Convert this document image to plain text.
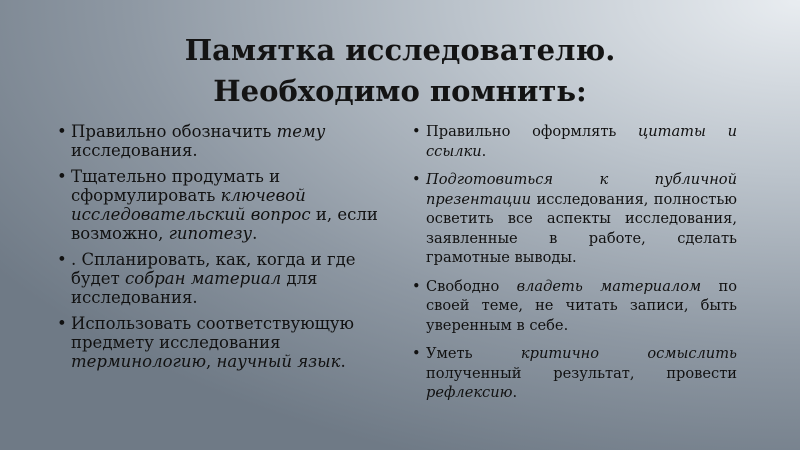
Памятка исследователю.
Необходимо помнить:
• Правильно обозначить тему исследования.
• Тщательно продумать и сформулировать ключевой исследовательский вопрос и, если возможно, гипотезу.
• . Спланировать, как, когда и где будет собран материал для исследования.
• Использовать соответствующую предмету исследования терминологию, научный язык.
• Правильно оформлять цитаты и ссылки.
• Подготовиться к публичной презентации исследования, полностью осветить все аспекты исследования, заявленные в работе, сделать грамотные выводы.
• Свободно владеть материалом по своей теме, не читать записи, быть уверенным в себе.
• Уметь критично осмыслить полученный результат, провести рефлексию.
